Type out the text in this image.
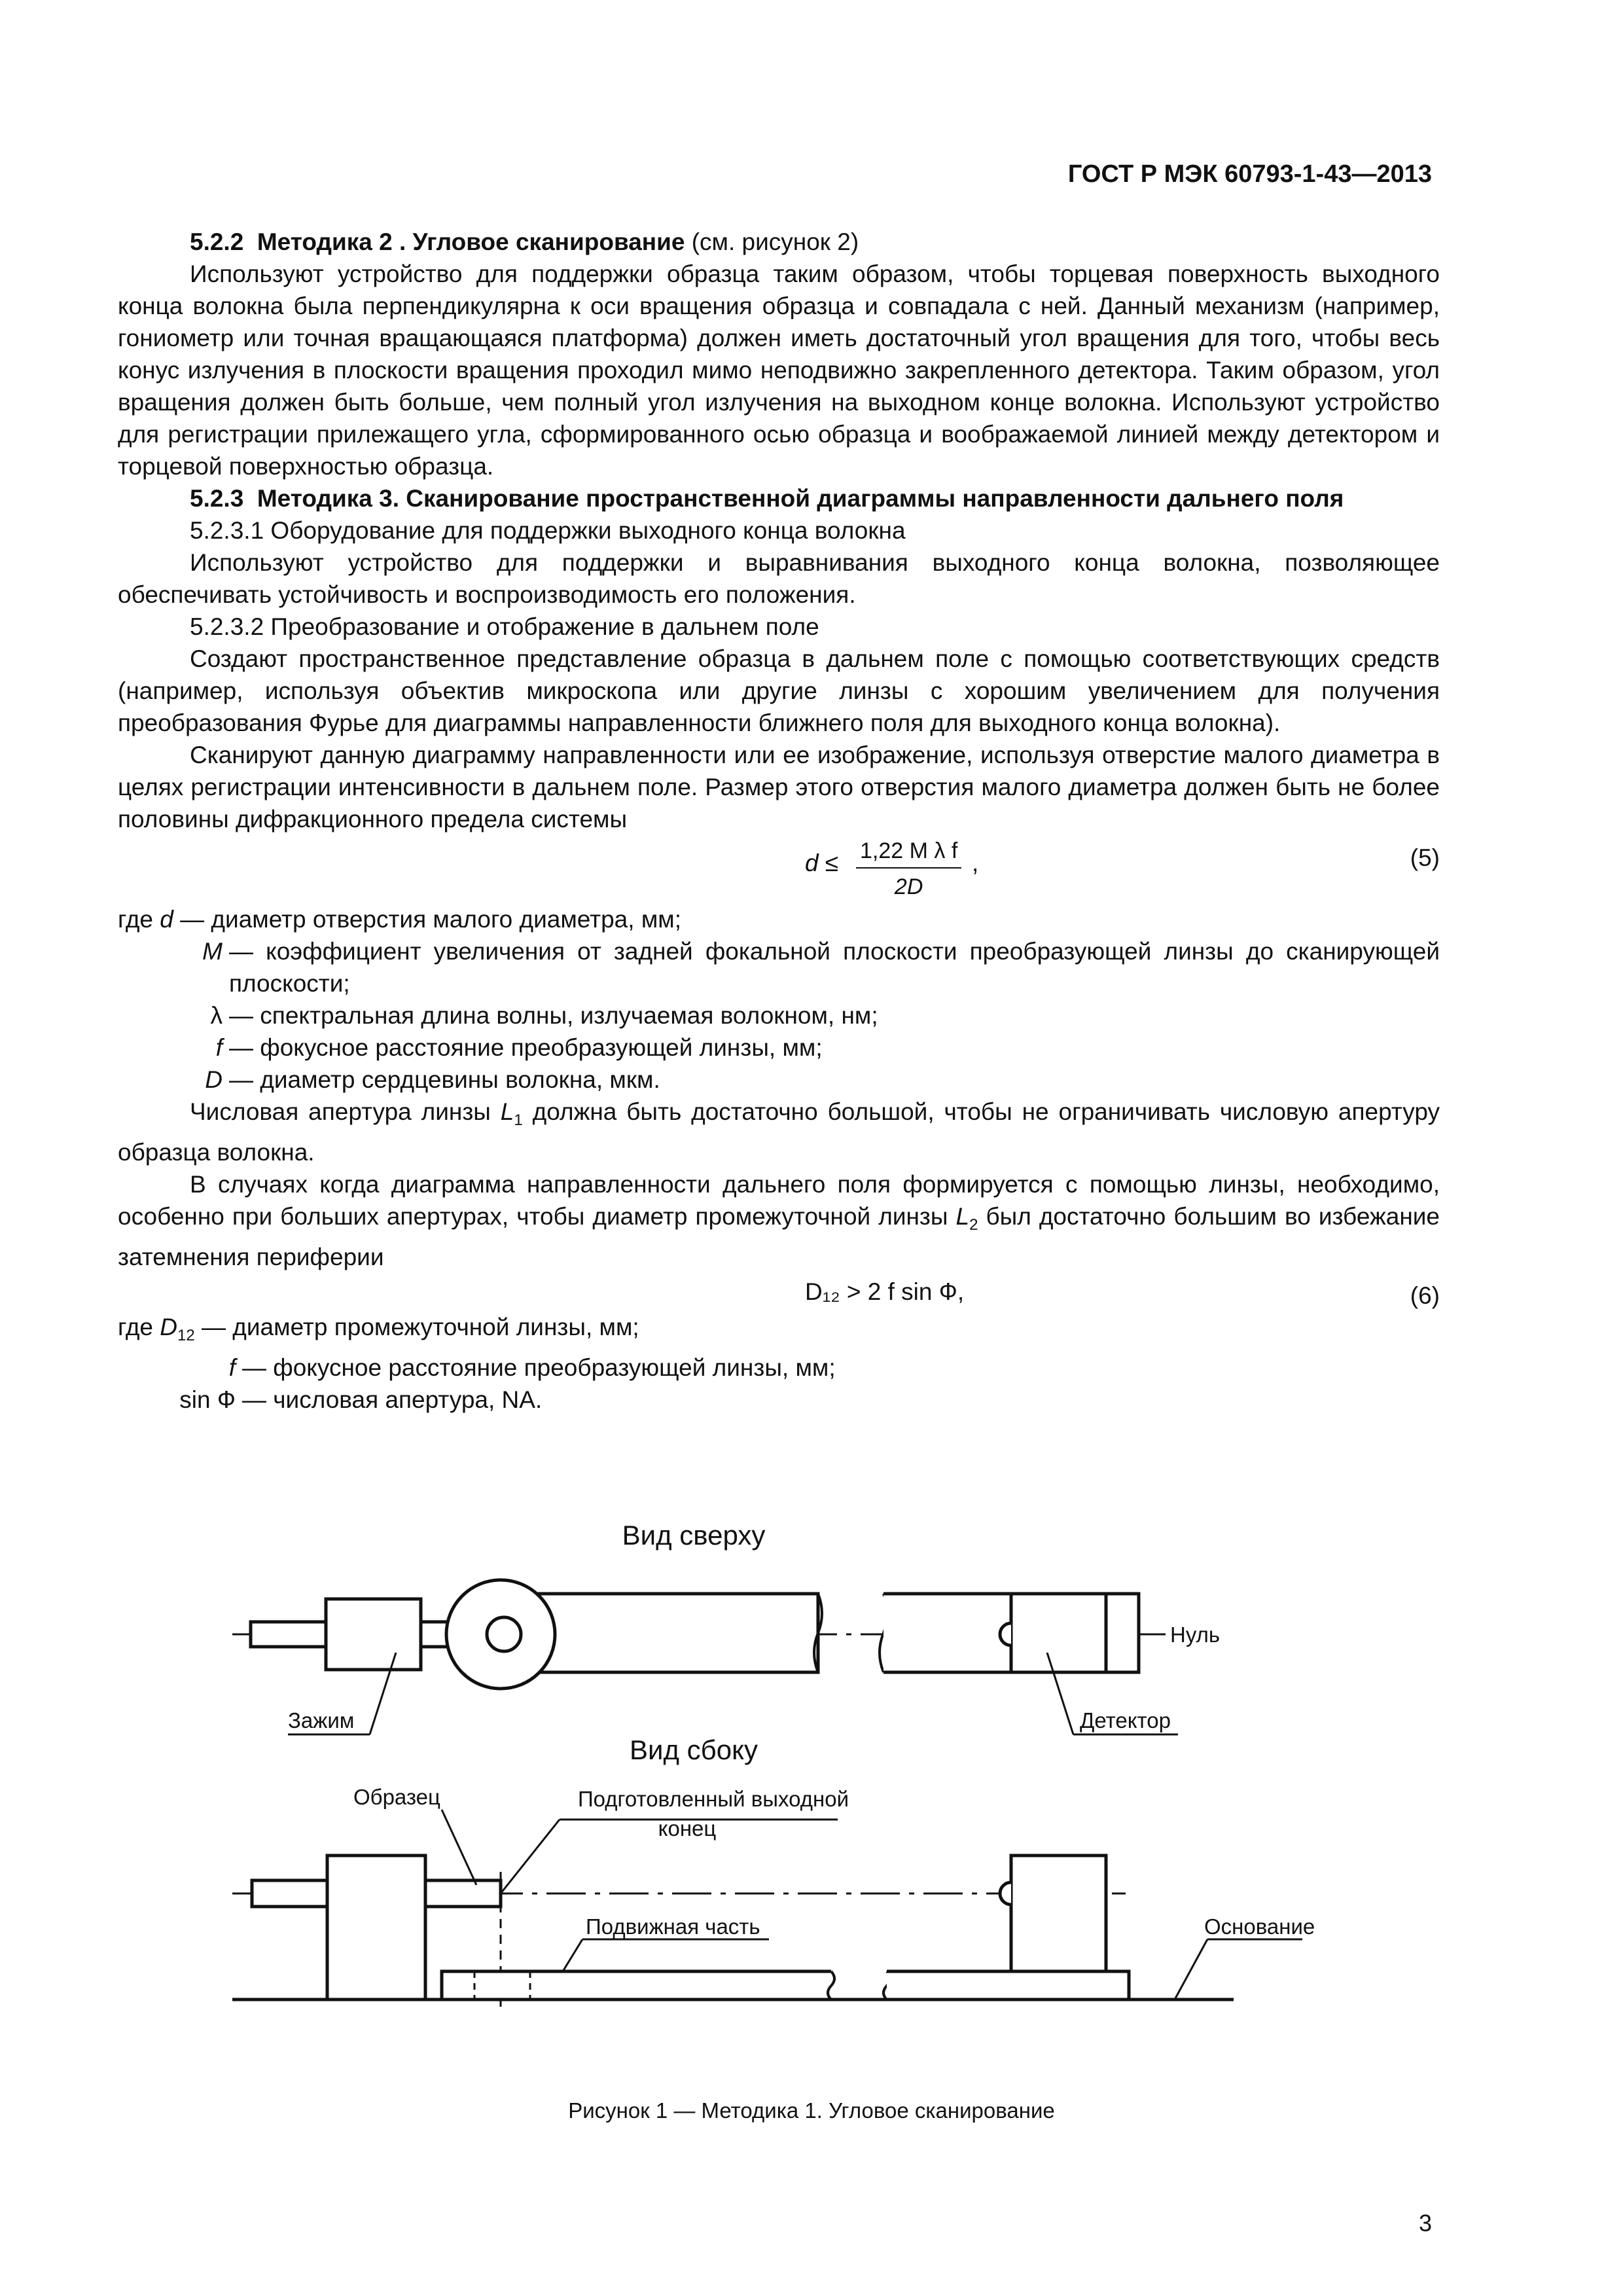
ГОСТ Р МЭК 60793-1-43—2013

5.2.2 Методика 2 . Угловое сканирование (см. рисунок 2)

Используют устройство для поддержки образца таким образом, чтобы торцевая поверхность выходного конца волокна была перпендикулярна к оси вращения образца и совпадала с ней. Данный механизм (например, гониометр или точная вращающаяся платформа) должен иметь достаточный угол вращения для того, чтобы весь конус излучения в плоскости вращения проходил мимо неподвижно закрепленного детектора. Таким образом, угол вращения должен быть больше, чем полный угол излучения на выходном конце волокна. Используют устройство для регистрации прилежащего угла, сформированного осью образца и воображаемой линией между детектором и торцевой поверхностью образца.

5.2.3 Методика 3. Сканирование пространственной диаграммы направленности дальнего поля

5.2.3.1 Оборудование для поддержки выходного конца волокна

Используют устройство для поддержки и выравнивания выходного конца волокна, позволяющее обеспечивать устойчивость и воспроизводимость его положения.

5.2.3.2 Преобразование и отображение в дальнем поле

Создают пространственное представление образца в дальнем поле с помощью соответствующих средств (например, используя объектив микроскопа или другие линзы с хорошим увеличением для получения преобразования Фурье для диаграммы направленности ближнего поля для выходного конца волокна).

Сканируют данную диаграмму направленности или ее изображение, используя отверстие малого диаметра в целях регистрации интенсивности в дальнем поле. Размер этого отверстия малого диаметра должен быть не более половины дифракционного предела системы

$d \le \frac{\text{1,22 M λ f}}{2D}$ ,	(5)

где d — диаметр отверстия малого диаметра, мм;

M — коэффициент увеличения от задней фокальной плоскости преобразующей линзы до сканирующей плоскости;
λ — спектральная длина волны, излучаемая волокном, нм;
f — фокусное расстояние преобразующей линзы, мм;
D — диаметр сердцевины волокна, мкм.

Числовая апертура линзы $L_1$ должна быть достаточно большой, чтобы не ограничивать числовую апертуру образца волокна.

В случаях когда диаграмма направленности дальнего поля формируется с помощью линзы, необходимо, особенно при больших апертурах, чтобы диаметр промежуточной линзы $L_2$ был достаточно большим во избежание затемнения периферии

D₁₂ > 2 f sin Ф,	(6)

где $D_{12}$ — диаметр промежуточной линзы, мм;

f — фокусное расстояние преобразующей линзы, мм;
sin Ф — числовая апертура, NA.
Вид сверху
Вид сбоку
Зажим	Детектор
Нуль
Образец	Подготовленный выходной
конец
Подвижная часть	Основание
Рисунок 1 — Методика 1. Угловое сканирование
3
